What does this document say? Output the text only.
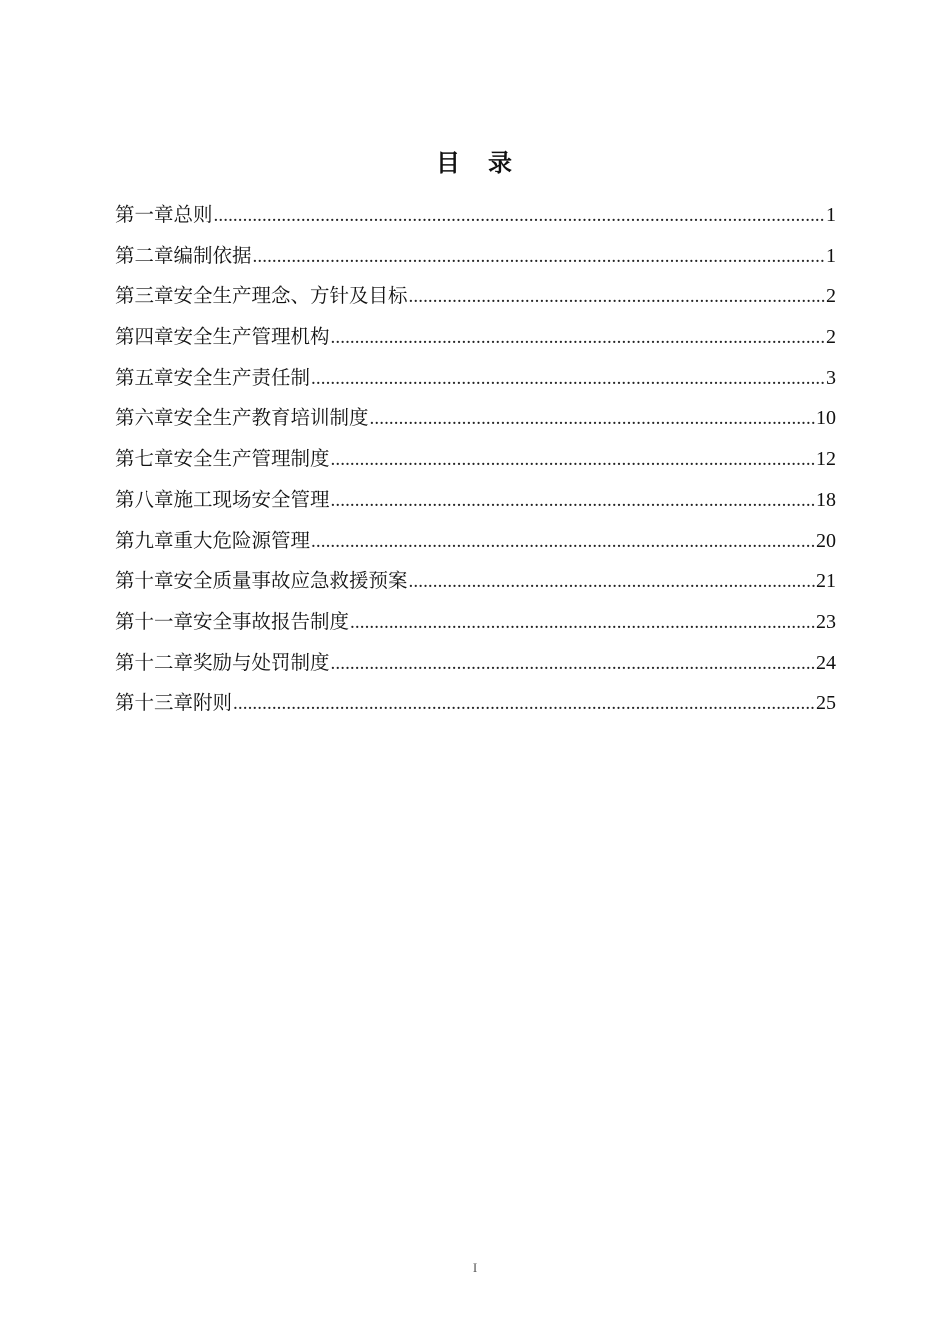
目　录
第一章总则 .....	1
第二章编制依据 .....	1
第三章安全生产理念、方针及目标 .....	2
第四章安全生产管理机构 .....	2
第五章安全生产责任制 .....	3
第六章安全生产教育培训制度 .....	10
第七章安全生产管理制度 .....	12
第八章施工现场安全管理 .....	18
第九章重大危险源管理 .....	20
第十章安全质量事故应急救援预案 .....	21
第十一章安全事故报告制度 .....	23
第十二章奖励与处罚制度 .....	24
第十三章附则 .....	25
I
